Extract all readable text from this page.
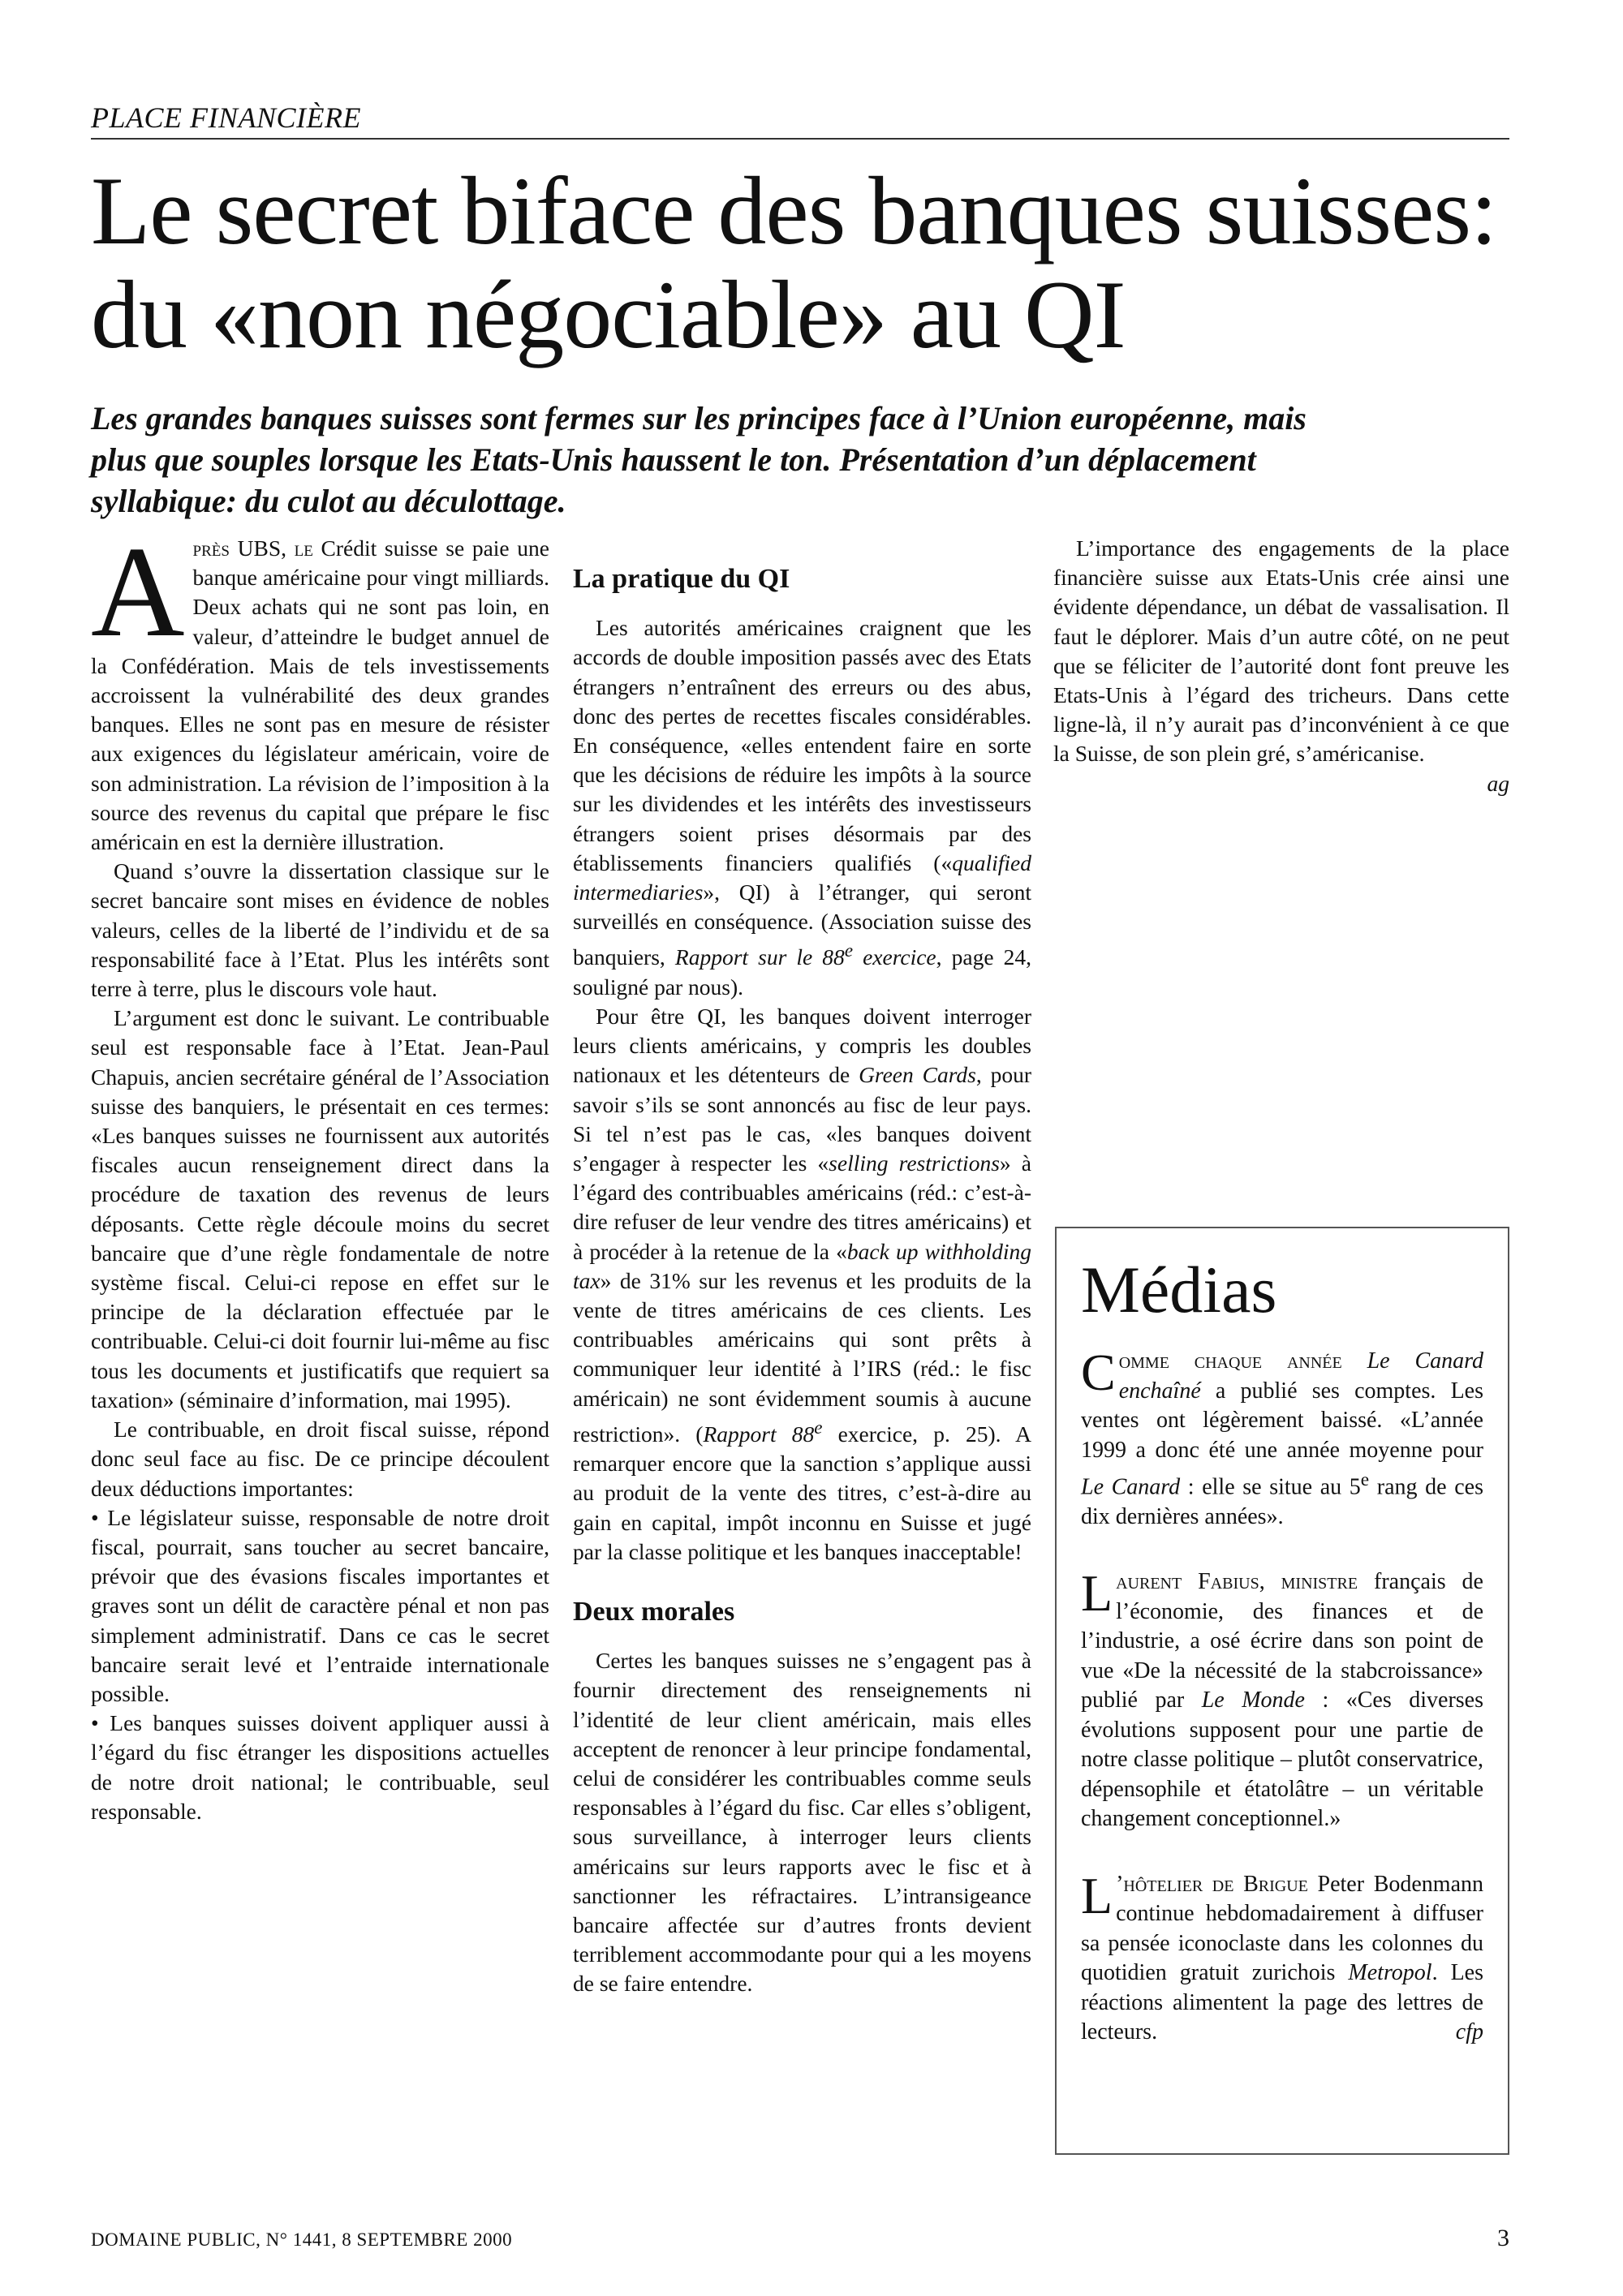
PLACE FINANCIÈRE
Le secret biface des banques suisses: du «non négociable» au QI

Les grandes banques suisses sont fermes sur les principes face à l’Union européenne, mais plus que souples lorsque les Etats-Unis haussent le ton. Présentation d’un déplacement syllabique: du culot au déculottage.

Après UBS, le Crédit suisse se paie une banque américaine pour vingt milliards. Deux achats qui ne sont pas loin, en valeur, d’atteindre le budget annuel de la Confédération. Mais de tels investissements accroissent la vulnérabilité des deux grandes banques. Elles ne sont pas en mesure de résister aux exigences du législateur américain, voire de son administration. La révision de l’imposition à la source des revenus du capital que prépare le fisc américain en est la dernière illustration.

Quand s’ouvre la dissertation classique sur le secret bancaire sont mises en évidence de nobles valeurs, celles de la liberté de l’individu et de sa responsabilité face à l’Etat. Plus les intérêts sont terre à terre, plus le discours vole haut.

L’argument est donc le suivant. Le contribuable seul est responsable face à l’Etat. Jean-Paul Chapuis, ancien secrétaire général de l’Association suisse des banquiers, le présentait en ces termes: «Les banques suisses ne fournissent aux autorités fiscales aucun renseignement direct dans la procédure de taxation des revenus de leurs déposants. Cette règle découle moins du secret bancaire que d’une règle fondamentale de notre système fiscal. Celui-ci repose en effet sur le principe de la déclaration effectuée par le contribuable. Celui-ci doit fournir lui-même au fisc tous les documents et justificatifs que requiert sa taxation» (séminaire d’information, mai 1995).

Le contribuable, en droit fiscal suisse, répond donc seul face au fisc. De ce principe découlent deux déductions importantes:

• Le législateur suisse, responsable de notre droit fiscal, pourrait, sans toucher au secret bancaire, prévoir que des évasions fiscales importantes et graves sont un délit de caractère pénal et non pas simplement administratif. Dans ce cas le secret bancaire serait levé et l’entraide internationale possible.

• Les banques suisses doivent appliquer aussi à l’égard du fisc étranger les dispositions actuelles de notre droit national; le contribuable, seul responsable.

La pratique du QI

Les autorités américaines craignent que les accords de double imposition passés avec des Etats étrangers n’entraînent des erreurs ou des abus, donc des pertes de recettes fiscales considérables. En conséquence, «elles entendent faire en sorte que les décisions de réduire les impôts à la source sur les dividendes et les intérêts des investisseurs étrangers soient prises désormais par des établissements financiers qualifiés («qualified intermediaries», QI) à l’étranger, qui seront surveillés en conséquence. (Association suisse des banquiers, Rapport sur le 88e exercice, page 24, souligné par nous).

Pour être QI, les banques doivent interroger leurs clients américains, y compris les doubles nationaux et les détenteurs de Green Cards, pour savoir s’ils se sont annoncés au fisc de leur pays. Si tel n’est pas le cas, «les banques doivent s’engager à respecter les «selling restrictions» à l’égard des contribuables américains (réd.: c’est-à-dire refuser de leur vendre des titres américains) et à procéder à la retenue de la «back up withholding tax» de 31% sur les revenus et les produits de la vente de titres américains de ces clients. Les contribuables américains qui sont prêts à communiquer leur identité à l’IRS (réd.: le fisc américain) ne sont évidemment soumis à aucune restriction». (Rapport 88e exercice, p. 25). A remarquer encore que la sanction s’applique aussi au produit de la vente des titres, c’est-à-dire au gain en capital, impôt inconnu en Suisse et jugé par la classe politique et les banques inacceptable!

Deux morales

Certes les banques suisses ne s’engagent pas à fournir directement des renseignements ni l’identité de leur client américain, mais elles acceptent de renoncer à leur principe fondamental, celui de considérer les contribuables comme seuls responsables à l’égard du fisc. Car elles s’obligent, sous surveillance, à interroger leurs clients américains sur leurs rapports avec le fisc et à sanctionner les réfractaires. L’intransigeance bancaire affectée sur d’autres fronts devient terriblement accommodante pour qui a les moyens de se faire entendre.

L’importance des engagements de la place financière suisse aux Etats-Unis crée ainsi une évidente dépendance, un débat de vassalisation. Il faut le déplorer. Mais d’un autre côté, on ne peut que se féliciter de l’autorité dont font preuve les Etats-Unis à l’égard des tricheurs. Dans cette ligne-là, il n’y aurait pas d’inconvénient à ce que la Suisse, de son plein gré, s’américanise.

ag

Médias

Comme chaque année Le Canard enchaîné a publié ses comptes. Les ventes ont légèrement baissé. «L’année 1999 a donc été une année moyenne pour Le Canard : elle se situe au 5e rang de ces dix dernières années».

Laurent Fabius, ministre français de l’économie, des finances et de l’industrie, a osé écrire dans son point de vue «De la nécessité de la stabcroissance» publié par Le Monde : «Ces diverses évolutions supposent pour une partie de notre classe politique – plutôt conservatrice, dépensophile et étatolâtre – un véritable changement conceptionnel.»

L ’hôtelier de Brigue Peter Bodenmann continue hebdomadairement à diffuser sa pensée iconoclaste dans les colonnes du quotidien gratuit zurichois Metropol. Les réactions alimentent la page des lettres de lecteurs.	cfp

DOMAINE PUBLIC, N° 1441, 8 SEPTEMBRE 2000	3
